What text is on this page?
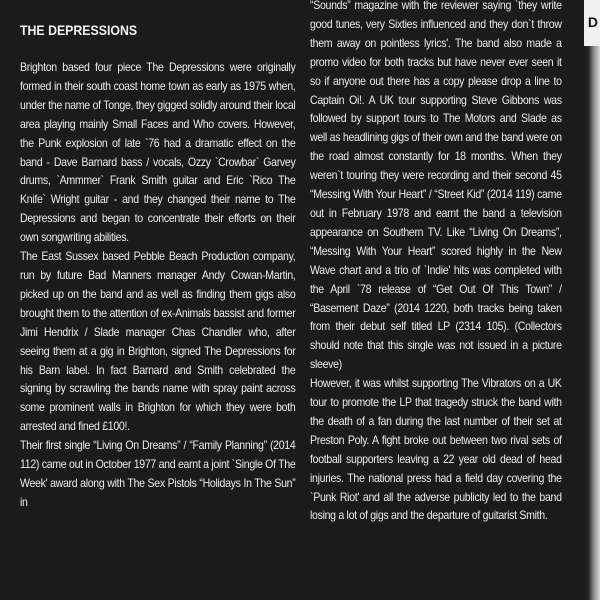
THE DEPRESSIONS

Brighton based four piece The Depressions were originally formed in their south coast home town as early as 1975 when, under the name of Tonge, they gigged solidly around their local area playing mainly Small Faces and Who covers. However, the Punk explosion of late `76 had a dramatic effect on the band - Dave Barnard bass / vocals, Ozzy `Crowbar` Garvey drums, `Ammmer` Frank Smith guitar and Eric `Rico The Knife` Wright guitar - and they changed their name to The Depressions and began to concentrate their efforts on their own songwriting abilities.

The East Sussex based Pebble Beach Production company, run by future Bad Manners manager Andy Cowan-Martin, picked up on the band and as well as finding them gigs also brought them to the attention of ex-Animals bassist and former Jimi Hendrix / Slade manager Chas Chandler who, after seeing them at a gig in Brighton, signed The Depressions for his Barn label. In fact Barnard and Smith celebrated the signing by scrawling the bands name with spray paint across some prominent walls in Brighton for which they were both arrested and fined £100!.

Their first single “Living On Dreams” / “Family Planning” (2014 112) came out in October 1977 and earnt a joint `Single Of The Week' award along with The Sex Pistols “Holidays In The Sun” in

“Sounds” magazine with the reviewer saying `they write good tunes, very Sixties influenced and they don`t throw them away on pointless lyrics'. The band also made a promo video for both tracks but have never ever seen it so if anyone out there has a copy please drop a line to Captain Oi!. A UK tour supporting Steve Gibbons was followed by support tours to The Motors and Slade as well as headlining gigs of their own and the band were on the road almost constantly for 18 months. When they weren`t touring they were recording and their second 45 “Messing With Your Heart” / “Street Kid” (2014 119) came out in February 1978 and earnt the band a television appearance on Southern TV. Like “Living On Dreams”, “Messing With Your Heart” scored highly in the New Wave chart and a trio of `Indie' hits was completed with the April `78 release of “Get Out Of This Town” / “Basement Daze” (2014 1220, both tracks being taken from their debut self titled LP (2314 105). (Collectors should note that this single was not issued in a picture sleeve)

However, it was whilst supporting The Vibrators on a UK tour to promote the LP that tragedy struck the band with the death of a fan during the last number of their set at Preston Poly. A fight broke out between two rival sets of football supporters leaving a 22 year old dead of head injuries. The national press had a field day covering the `Punk Riot' and all the adverse publicity led to the band losing a lot of gigs and the departure of guitarist Smith.

D
